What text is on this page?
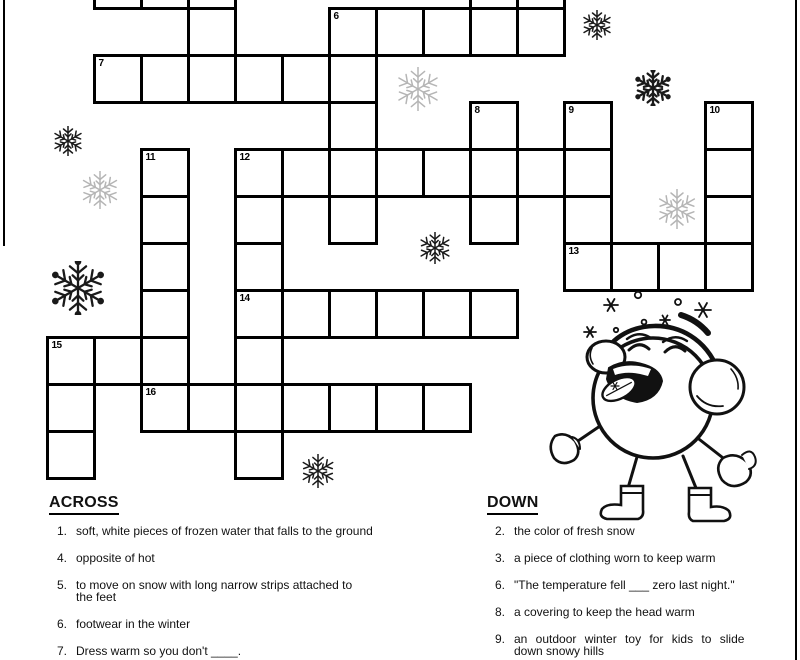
6
7
8	9	10
11	12
13
14
15
16
ACROSS
1. soft, white pieces of frozen water that falls to the ground
4. opposite of hot
5. to move on snow with long narrow strips attached to
the feet
6. footwear in the winter
7. Dress warm so you don't ____.
DOWN
2. the color of fresh snow
3. a piece of clothing worn to keep warm
6. "The temperature fell ___ zero last night."
8. a covering to keep the head warm
9. an outdoor winter toy for kids to slide
down snowy hills
